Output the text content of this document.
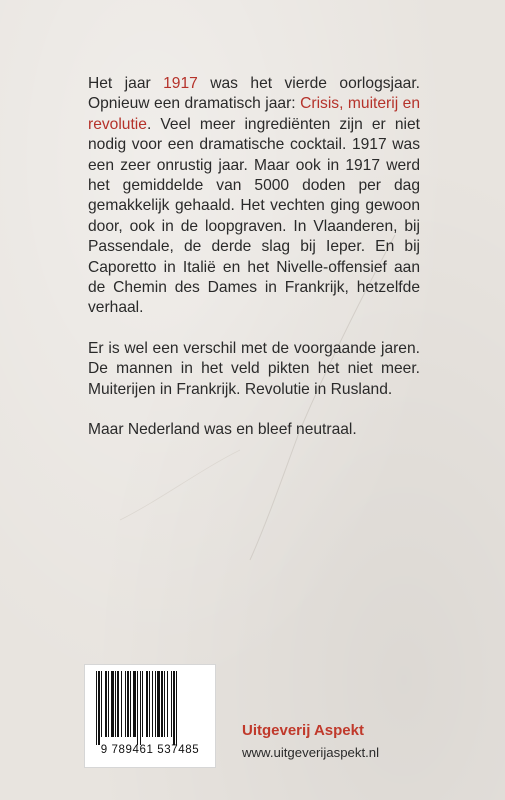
Het jaar 1917 was het vierde oorlogsjaar. Opnieuw een dramatisch jaar: Crisis, muiterij en revolutie. Veel meer ingrediënten zijn er niet nodig voor een dramatische cocktail. 1917 was een zeer onrustig jaar. Maar ook in 1917 werd het gemiddelde van 5000 doden per dag gemakkelijk gehaald. Het vechten ging gewoon door, ook in de loopgraven. In Vlaanderen, bij Passendale, de derde slag bij Ieper. En bij Caporetto in Italië en het Nivelle-offensief aan de Chemin des Dames in Frankrijk, hetzelfde verhaal.

Er is wel een verschil met de voorgaande jaren. De mannen in het veld pikten het niet meer. Muiterijen in Frankrijk. Revolutie in Rusland.

Maar Nederland was en bleef neutraal.

9 789461 537485
Uitgeverij Aspekt
www.uitgeverijaspekt.nl
